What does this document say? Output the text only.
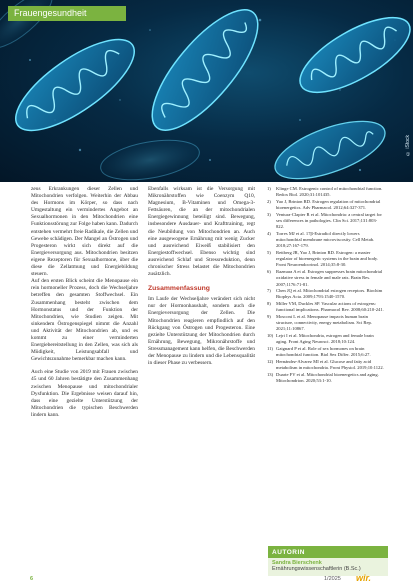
Frauengesundheit
© iStock

zeus Erkrankungen dieser Zellen und Mitochondrien verfolgen. Weiterhin der Abbau des Hormons im Körper, so dass nach Umgestaltung ein vermindertes Angebot an Sexualhormonen in den Mitochondrien eine Funktionsstörung zur Folge haben kann. Dadurch entstehen vermehrt freie Radikale, die Zellen und Gewebe schädigen. Der Mangel an Östrogen und Progesteron wirkt sich direkt auf die Energieversorgung aus. Mitochondrien besitzen eigene Rezeptoren für Sexualhormone, über die diese die Zellatmung und Energiebildung steuern.

Auf den ersten Blick scheint die Menopause ein rein hormoneller Prozess, doch die Wechseljahre betreffen den gesamten Stoffwechsel. Ein Zusammenhang besteht zwischen dem Hormonstatus und der Funktion der Mitochondrien, wie Studien zeigen. Mit sinkendem Östrogenspiegel nimmt die Anzahl und Aktivität der Mitochondrien ab, und es kommt zu einer verminderten Energiebereitstellung in den Zellen, was sich als Müdigkeit, Leistungsabfall und Gewichtszunahme bemerkbar machen kann.

Auch eine Studie von 2019 mit Frauen zwischen 45 und 60 Jahren bestätigte den Zusammenhang zwischen Menopause und mitochondrialer Dysfunktion. Die Ergebnisse weisen darauf hin, dass eine gezielte Unterstützung der Mitochondrien die typischen Beschwerden lindern kann.

Ebenfalls wirksam ist die Versorgung mit Mikronährstoffen wie Coenzym Q10, Magnesium, B-Vitaminen und Omega-3-Fettsäuren, die an der mitochondrialen Energiegewinnung beteiligt sind. Bewegung, insbesondere Ausdauer- und Krafttraining, regt die Neubildung von Mitochondrien an. Auch eine ausgewogene Ernährung mit wenig Zucker und ausreichend Eiweiß stabilisiert den Energiestoffwechsel. Ebenso wichtig sind ausreichend Schlaf und Stressreduktion, denn chronischer Stress belastet die Mitochondrien zusätzlich.

Zusammenfassung

Im Laufe der Wechseljahre verändert sich nicht nur der Hormonhaushalt, sondern auch die Energieversorgung der Zellen. Die Mitochondrien reagieren empfindlich auf den Rückgang von Östrogen und Progesteron. Eine gezielte Unterstützung der Mitochondrien durch Ernährung, Bewegung, Mikronährstoffe und Stressmanagement kann helfen, die Beschwerden der Menopause zu lindern und die Lebensqualität in dieser Phase zu verbessern.

1)	Klinge CM. Estrogenic control of mitochondrial function. Redox Biol. 2020;31:101435.
2)	Yao J, Brinton RD. Estrogen regulation of mitochondrial bioenergetics. Adv Pharmacol. 2012;64:327-371.
3)	Ventura-Clapier R et al. Mitochondria: a central target for sex differences in pathologies. Clin Sci. 2017;131:803-822.
4)	Torres MJ et al. 17β-Estradiol directly lowers mitochondrial membrane microviscosity. Cell Metab. 2018;27:167-179.
5)	Rettberg JR, Yao J, Brinton RD. Estrogen: a master regulator of bioenergetic systems in the brain and body. Front Neuroendocrinol. 2014;35:8-30.
6)	Razmara A et al. Estrogen suppresses brain mitochondrial oxidative stress in female and male rats. Brain Res. 2007;1176:71-81.
7)	Chen JQ et al. Mitochondrial estrogen receptors. Biochim Biophys Acta. 2009;1793:1540-1570.
8)	Miller VM, Duckles SP. Vascular actions of estrogens: functional implications. Pharmacol Rev. 2008;60:210-241.
9)	Mosconi L et al. Menopause impacts human brain structure, connectivity, energy metabolism. Sci Rep. 2021;11:10867.
10) Lejri I et al. Mitochondria, estrogen and female brain aging. Front Aging Neurosci. 2018;10:124.
11) Gaignard P et al. Role of sex hormones on brain mitochondrial function. Biol Sex Differ. 2015;6:27.
12) Hernández-Alvarez MI et al. Glucose and fatty acid metabolism in mitochondria. Front Physiol. 2019;10:1122.
13) Duarte FV et al. Mitochondrial bioenergetics and aging. Mitochondrion. 2020;53:1-10.
AUTORIN
Sandra Bierschenk
Ernährungswissenschaftlerin (B.Sc.)
6	1/2025 wir.
